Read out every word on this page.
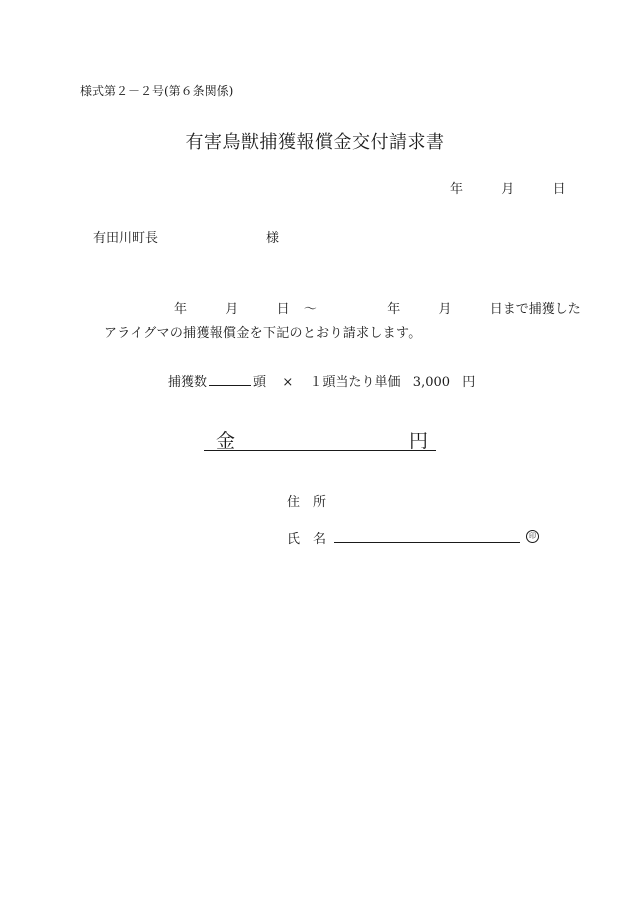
様式第２－２号(第６条関係)
有害鳥獣捕獲報償金交付請求書
年	月	日
有田川町長	様
年	月	日 〜	年	月	日まで捕獲した
アライグマの捕獲報償金を下記のとおり請求します。
捕獲数	頭 × １頭当たり単価 3,000 円
金	円
住　所
氏　名	印
